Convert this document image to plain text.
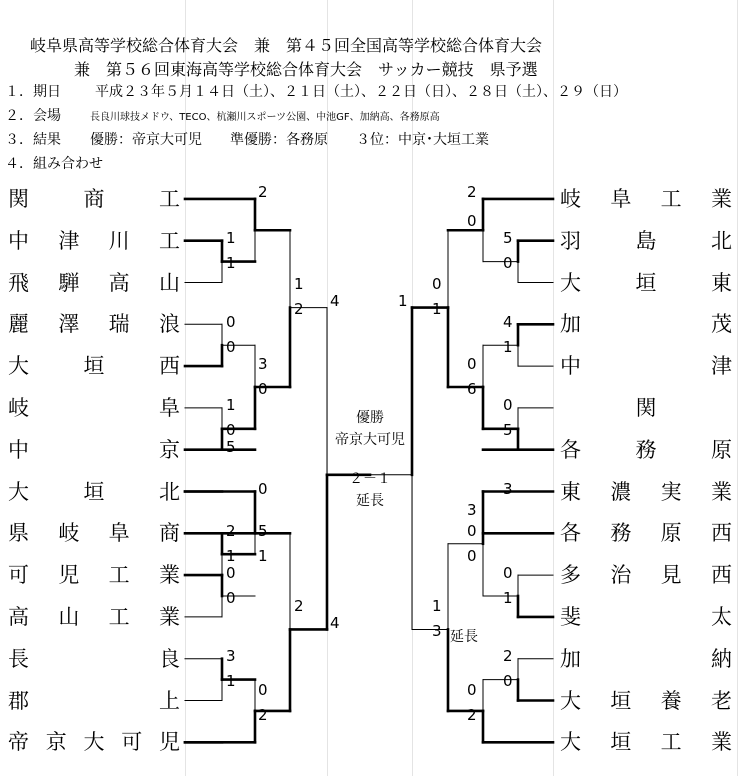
岐阜県高等学校総合体育大会　兼　第４５回全国高等学校総合体育大会
兼　第５６回東海高等学校総合体育大会　サッカー競技　県予選
１．期日 平成２３年５月１４日（土）、２１日（土）、２２日（日）、２８日（土）、２９（日）
２．会場	長良川球技メドウ、TECO、杭瀬川スポーツ公園、中池GF、加納高、各務原高
３．結果 優勝：帝京大可児　　準優勝：各務原　　３位：中京･大垣工業
４．組み合わせ
関	商	工
中 津 川 工
飛 騨 高 山
麗 澤 瑞 浪
大	垣	西
岐	阜
中	京
大	垣	北
県 岐 阜 商
可 児 工 業
高 山 工 業
長	良
郡	上
帝 京 大 可 児
岐 阜 工 業
羽	島	北
大	垣	東
加	茂
中	津
関
各	務	原
東 濃 実 業
各 務 原 西
多 治 見 西
斐	太
加	納
大 垣 養 老
大 垣 工 業
2
1
1
0
0
1
0
3
0
5
2 5
0
1
2 4
1
1
0
0	2
3
1 0
2
4
2
0
5
0
1
0
1
4
1
0
6
0
5
3
0
3
0
0
1
1
3
2
0
0
2
優勝
帝京大可児
２－１
延長
延長
